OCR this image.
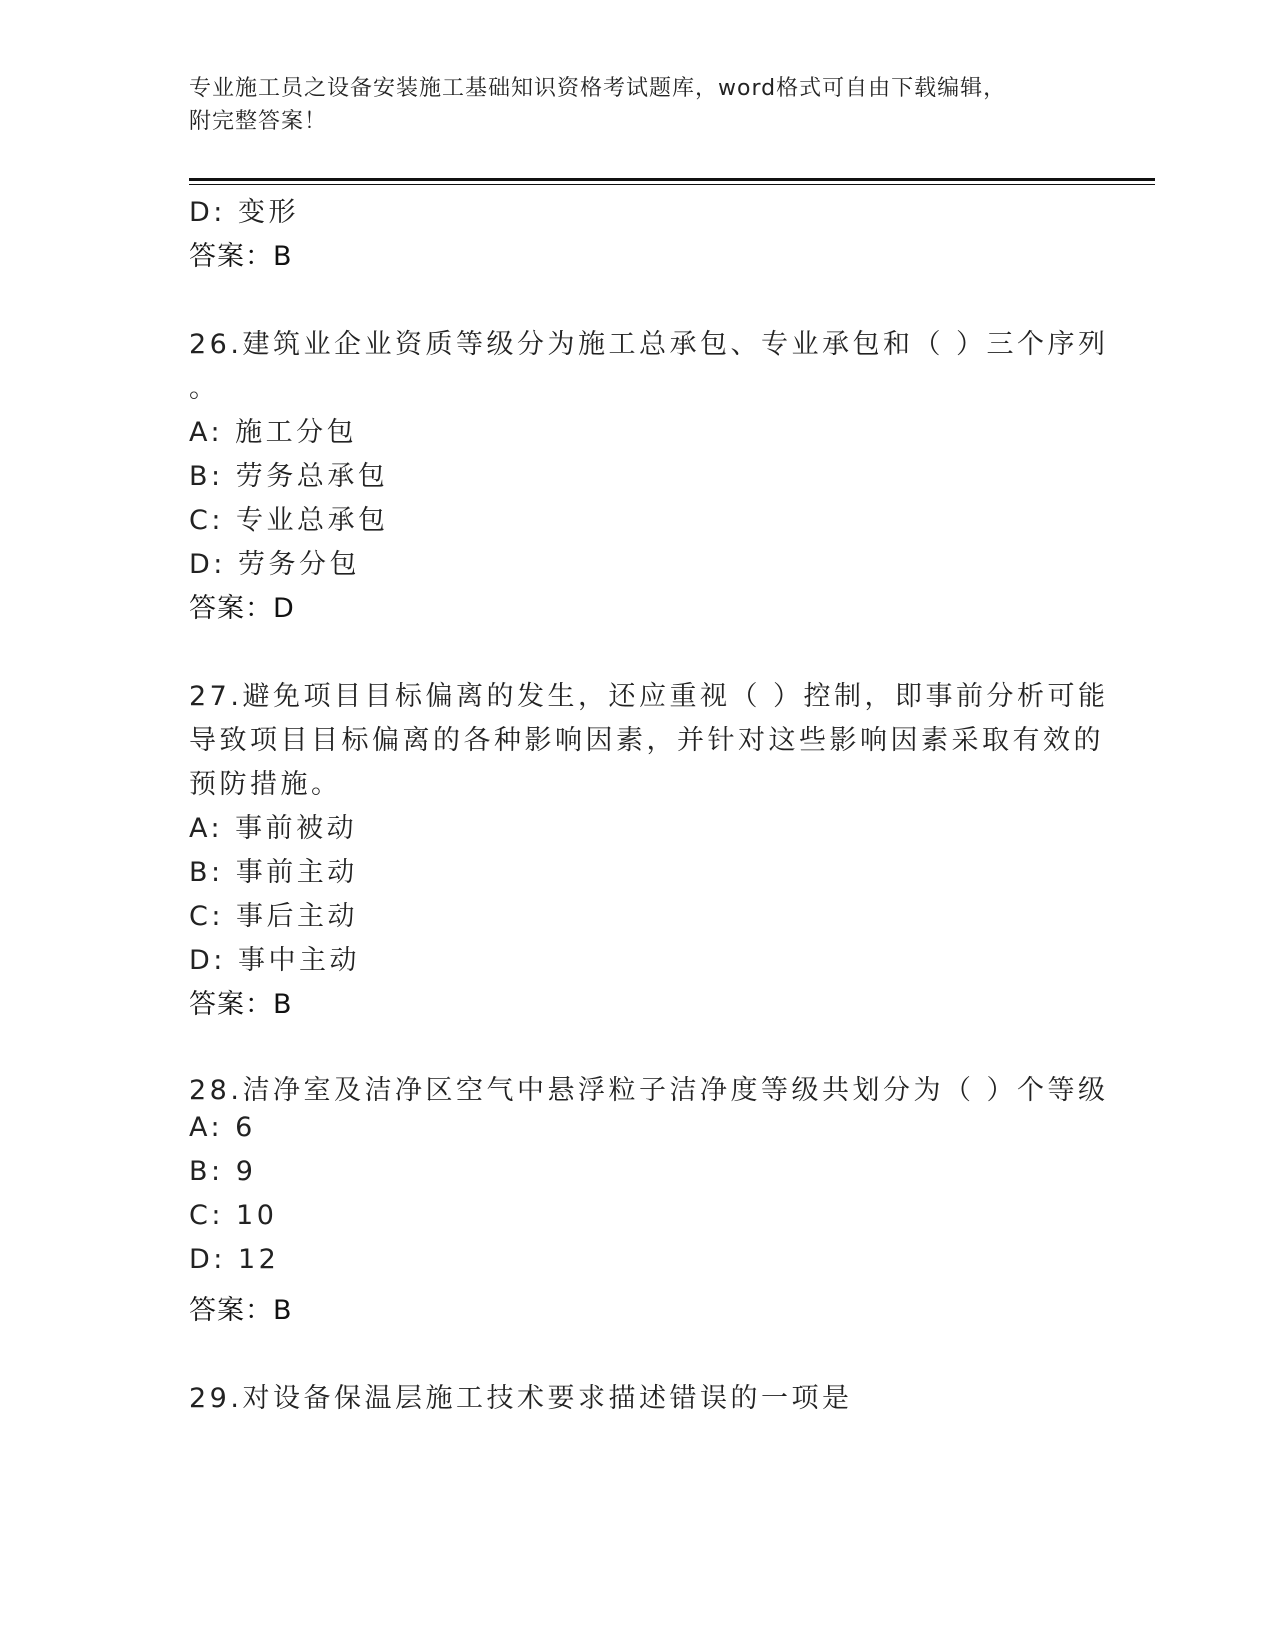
专业施工员之设备安装施工基础知识资格考试题库，word格式可自由下载编辑，
附完整答案！
D: 变形
答案：B
26.建筑业企业资质等级分为施工总承包、专业承包和（ ）三个序列
。
A: 施工分包
B: 劳务总承包
C: 专业总承包
D: 劳务分包
答案：D
27.避免项目目标偏离的发生，还应重视（ ）控制，即事前分析可能
导致项目目标偏离的各种影响因素，并针对这些影响因素采取有效的
预防措施。
A: 事前被动
B: 事前主动
C: 事后主动
D: 事中主动
答案：B
28.洁净室及洁净区空气中悬浮粒子洁净度等级共划分为（ ）个等级
A: 6
B: 9
C: 10
D: 12
答案：B
29.对设备保温层施工技术要求描述错误的一项是
